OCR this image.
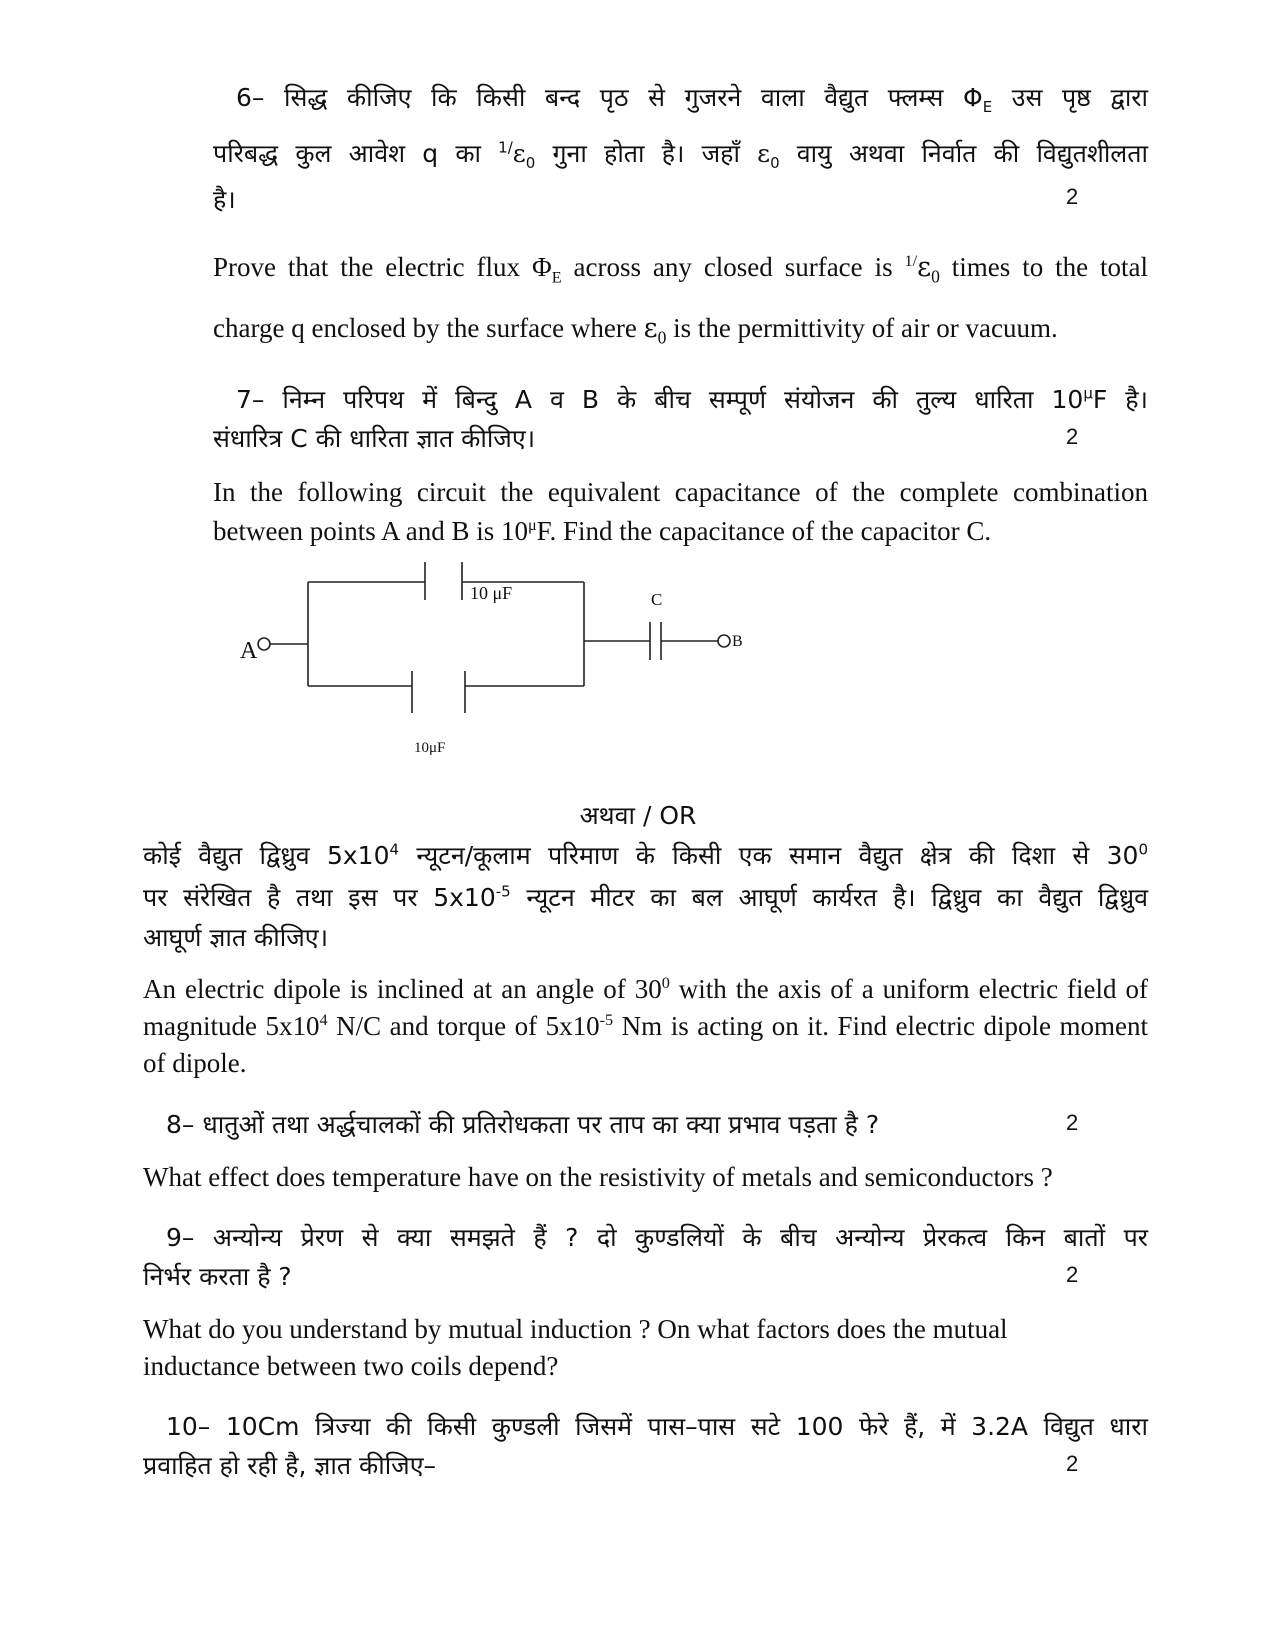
6– सिद्ध कीजिए कि किसी बन्द पृठ से गुजरने वाला वैद्युत फ्लम्स $\Phi_E$ उस पृष्ठ द्वारा
परिबद्ध कुल आवेश q का $^{1/}\varepsilon_0$ गुना होता है। जहाँ $\varepsilon_0$ वायु अथवा निर्वात की विद्युतशीलता
है।	2
Prove that the electric flux $\Phi_E$ across any closed surface is $^{1/}\varepsilon_0$ times to the total
charge q enclosed by the surface where $\varepsilon_0$ is the permittivity of air or vacuum.
7– निम्न परिपथ में बिन्दु A व B के बीच सम्पूर्ण संयोजन की तुल्य धारिता $10^\mu F$ है।
संधारित्र C की धारिता ज्ञात कीजिए।	2
In the following circuit the equivalent capacitance of the complete combination
between points A and B is $10^\mu F$. Find the capacitance of the capacitor C.
A	B
C
10 μF
10μF
अथवा / OR
कोई वैद्युत द्विध्रुव $5x10^4$ न्यूटन/कूलाम परिमाण के किसी एक समान वैद्युत क्षेत्र की दिशा से $30^0$
पर संरेखित है तथा इस पर $5x10^{-5}$ न्यूटन मीटर का बल आघूर्ण कार्यरत है। द्विध्रुव का वैद्युत द्विध्रुव
आघूर्ण ज्ञात कीजिए।
An electric dipole is inclined at an angle of $30^0$ with the axis of a uniform electric field of
magnitude $5x10^4$ N/C and torque of $5x10^{-5}$ Nm is acting on it. Find electric dipole moment
of dipole.
8– धातुओं तथा अर्द्धचालकों की प्रतिरोधकता पर ताप का क्या प्रभाव पड़ता है ?	2
What effect does temperature have on the resistivity of metals and semiconductors ?
9– अन्योन्य प्रेरण से क्या समझते हैं ? दो कुण्डलियों के बीच अन्योन्य प्रेरकत्व किन बातों पर
निर्भर करता है ?	2
What do you understand by mutual induction ? On what factors does the mutual
inductance between two coils depend?
10– 10Cm त्रिज्या की किसी कुण्डली जिसमें पास–पास सटे 100 फेरे हैं, में 3.2A विद्युत धारा
प्रवाहित हो रही है, ज्ञात कीजिए–	2
